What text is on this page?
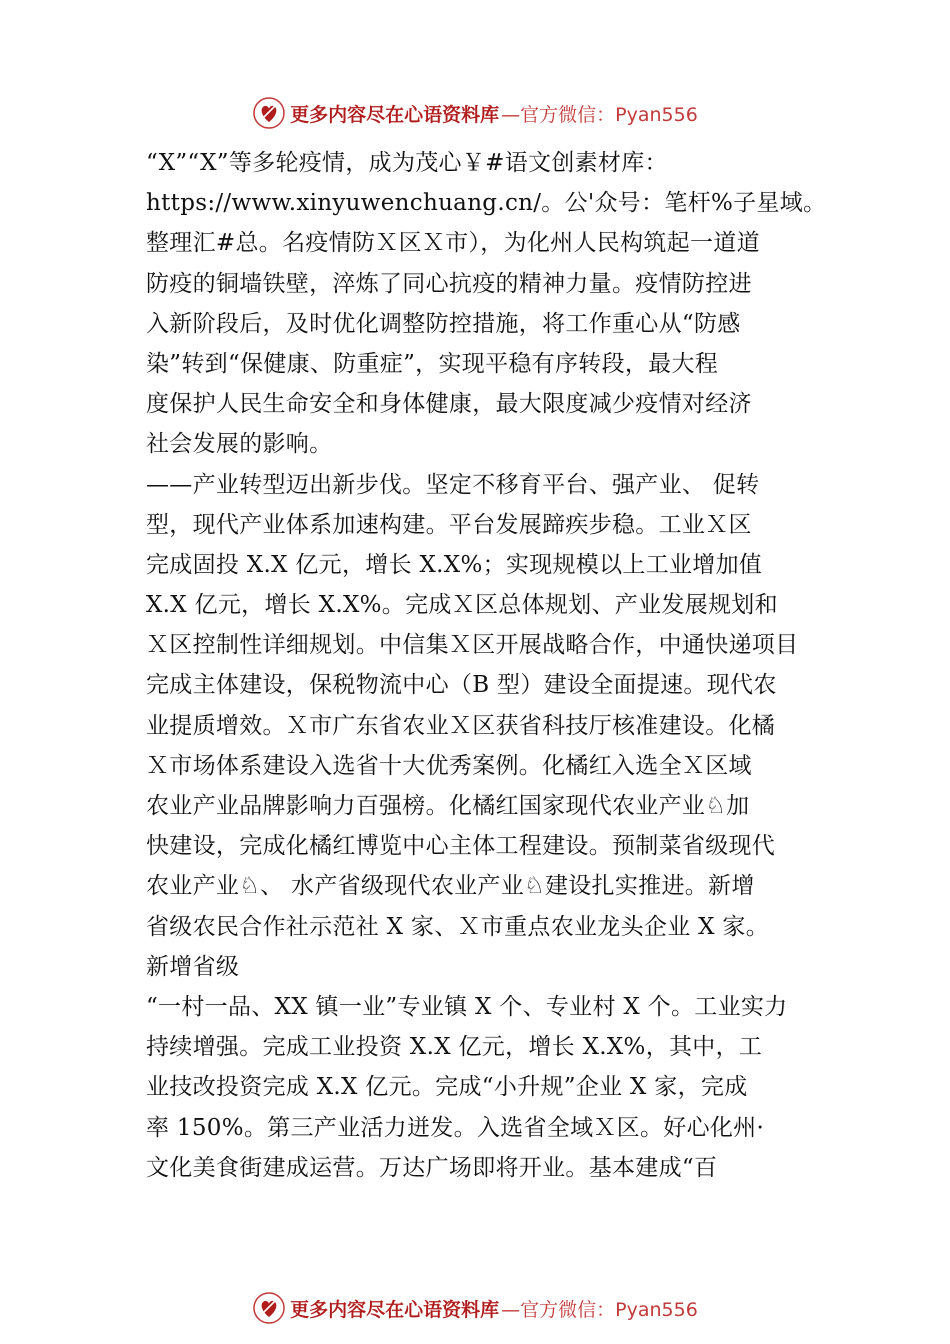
更多内容尽在心语资料库 —官方微信：Pyan556
“X”“X”等多轮疫情，成为茂心￥#语文创素材库：
https://www.xinyuwenchuang.cn/。公'众号：笔杆%子星域。
整理汇#总。名疫情防Ｘ区Ｘ市），为化州人民构筑起一道道
防疫的铜墙铁壁，淬炼了同心抗疫的精神力量。疫情防控进
入新阶段后，及时优化调整防控措施，将工作重心从“防感
染”转到“保健康、防重症”，实现平稳有序转段，最大程
度保护人民生命安全和身体健康，最大限度减少疫情对经济
社会发展的影响。
——产业转型迈出新步伐。坚定不移育平台、强产业、 促转
型，现代产业体系加速构建。平台发展蹄疾步稳。工业Ｘ区
完成固投 X.X 亿元，增长 X.X%；实现规模以上工业增加值
X.X 亿元，增长 X.X%。完成Ｘ区总体规划、产业发展规划和
Ｘ区控制性详细规划。中信集Ｘ区开展战略合作，中通快递项目
完成主体建设，保税物流中心（B 型）建设全面提速。现代农
业提质增效。Ｘ市广东省农业Ｘ区获省科技厅核准建设。化橘
Ｘ市场体系建设入选省十大优秀案例。化橘红入选全Ｘ区域
农业产业品牌影响力百强榜。化橘红国家现代农业产业♘加
快建设，完成化橘红博览中心主体工程建设。预制菜省级现代
农业产业♘、 水产省级现代农业产业♘建设扎实推进。新增
省级农民合作社示范社 X 家、Ｘ市重点农业龙头企业 X 家。
新增省级
“一村一品、XX 镇一业”专业镇 X 个、专业村 X 个。工业实力
持续增强。完成工业投资 X.X 亿元，增长 X.X%，其中，工
业技改投资完成 X.X 亿元。完成“小升规”企业 X 家，完成
率 150%。第三产业活力迸发。入选省全域Ｘ区。好心化州·
文化美食街建成运营。万达广场即将开业。基本建成“百
更多内容尽在心语资料库 —官方微信：Pyan556
